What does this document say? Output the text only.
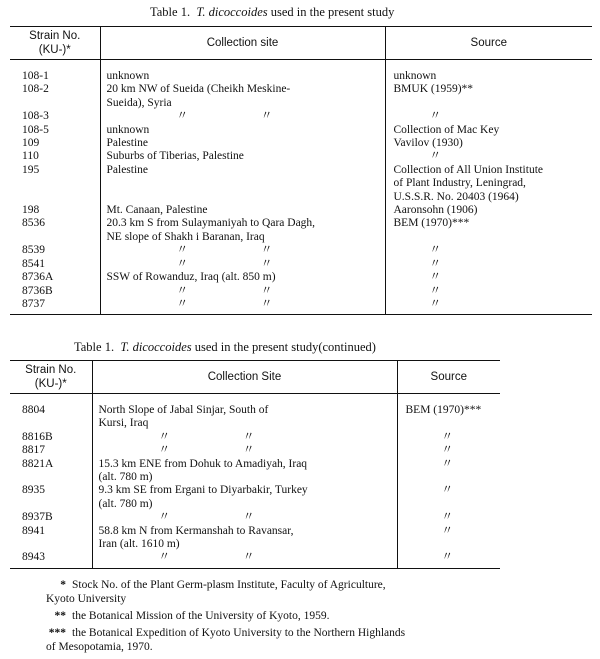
Table 1. T. dicoccoides used in the present study
Strain No.
(KU-)*	Collection site	Source

108-1	unknown	unknown

108-2	20 km NW of Sueida (Cheikh Meskine-
Sueida), Syria	BMUK (1959)**

108-3	〃 〃	〃

108-5	unknown	Collection of Mac Key

109	Palestine	Vavilov (1930)

110	Suburbs of Tiberias, Palestine	〃

195	Palestine	Collection of All Union Institute
of Plant Industry, Leningrad,
U.S.S.R. No. 20403 (1964)

198	Mt. Canaan, Palestine	Aaronsohn (1906)

8536	20.3 km S from Sulaymaniyah to Qara Dagh,
NE slope of Shakh i Baranan, Iraq	BEM (1970)***

8539	〃 〃	〃

8541	〃 〃	〃

8736A	SSW of Rowanduz, Iraq (alt. 850 m)	〃

8736B	〃 〃	〃

8737	〃 〃	〃

Table 1. T. dicoccoides used in the present study(continued)
Strain No.
(KU-)*	Collection Site	Source

8804	North Slope of Jabal Sinjar, South of
Kursi, Iraq	BEM (1970)***

8816B	〃 〃	〃

8817	〃 〃	〃

8821A	15.3 km ENE from Dohuk to Amadiyah, Iraq
(alt. 780 m)	〃

8935	9.3 km SE from Ergani to Diyarbakir, Turkey
(alt. 780 m)	〃

8937B	〃 〃	〃

8941	58.8 km N from Kermanshah to Ravansar,
Iran (alt. 1610 m)	〃

8943	〃 〃	〃

* Stock No. of the Plant Germ-plasm Institute, Faculty of Agriculture,
Kyoto University
** the Botanical Mission of the University of Kyoto, 1959.
*** the Botanical Expedition of Kyoto University to the Northern Highlands
of Mesopotamia, 1970.
